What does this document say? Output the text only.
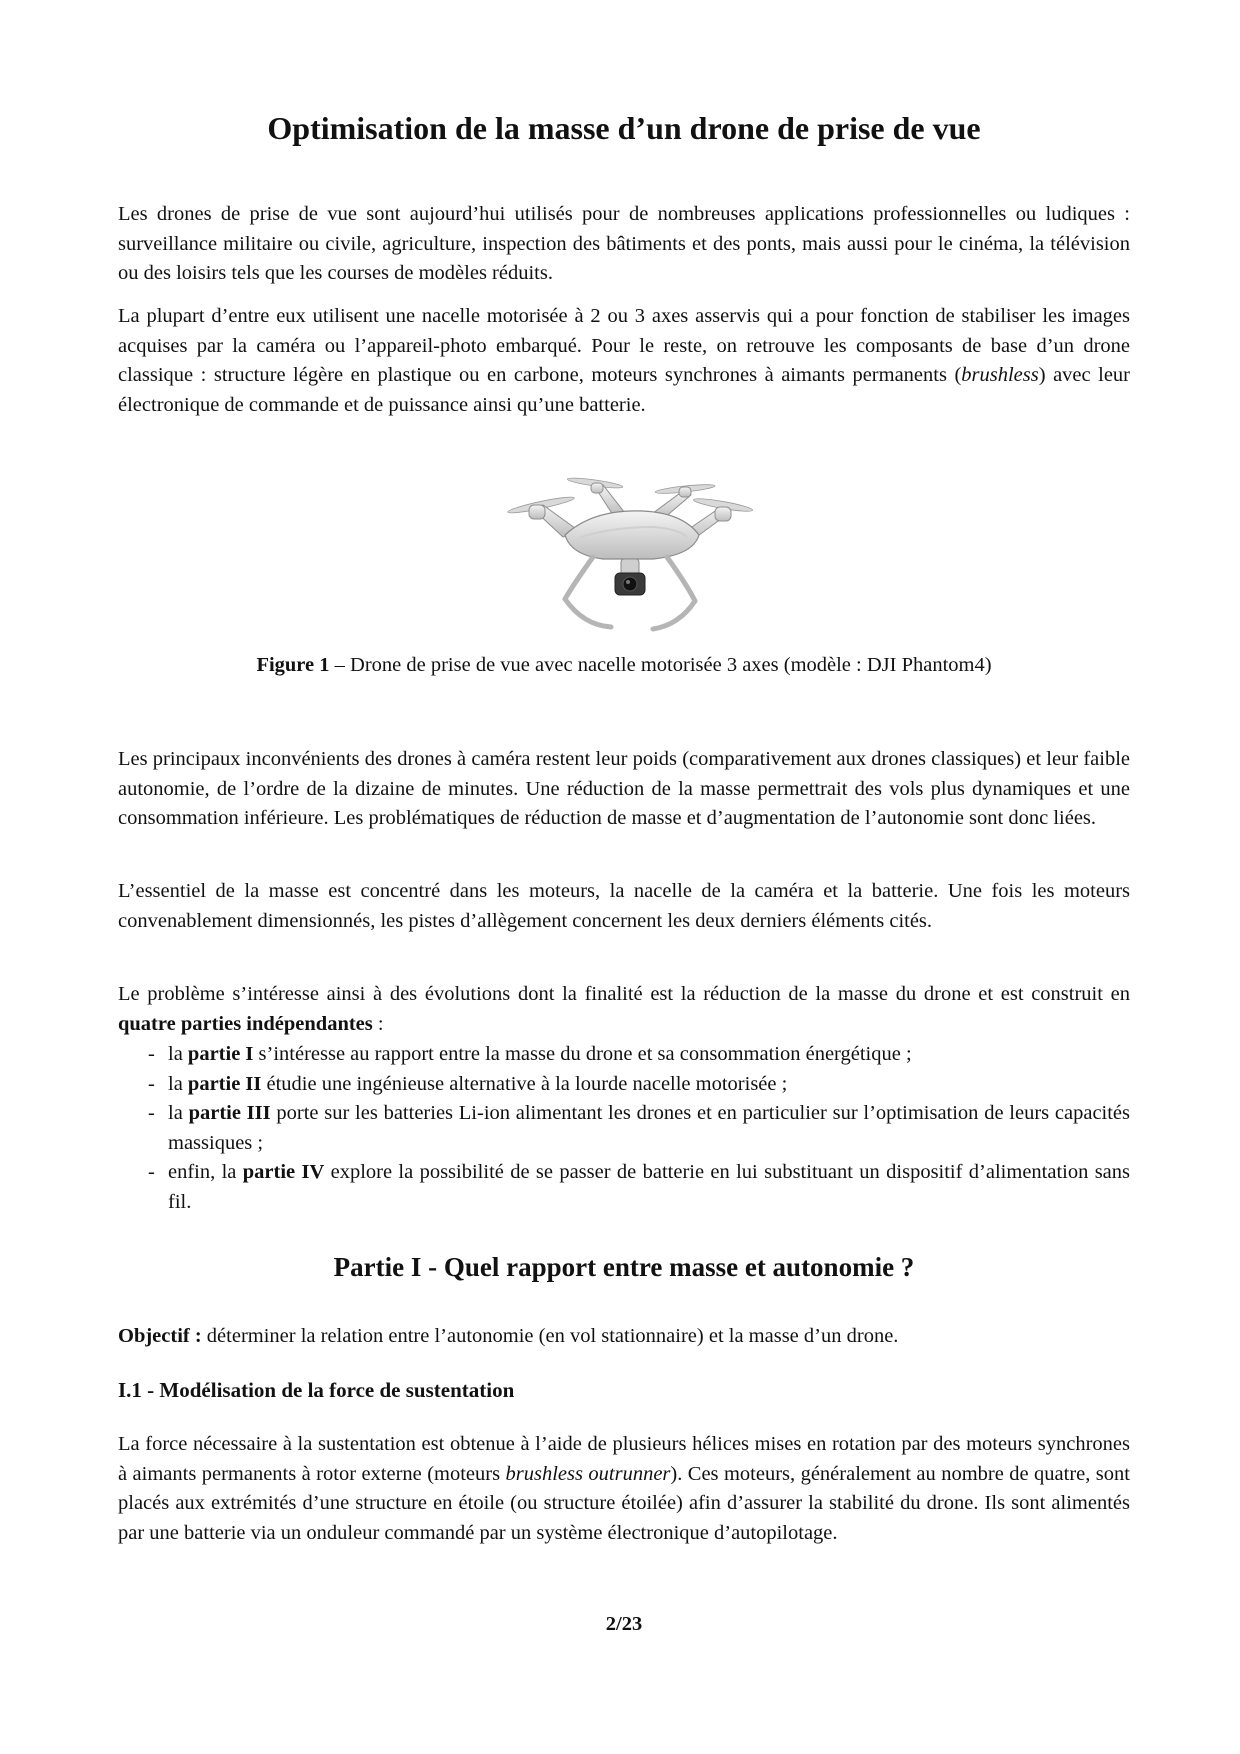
Optimisation de la masse d’un drone de prise de vue

Les drones de prise de vue sont aujourd’hui utilisés pour de nombreuses applications professionnelles ou ludiques : surveillance militaire ou civile, agriculture, inspection des bâtiments et des ponts, mais aussi pour le cinéma, la télévision ou des loisirs tels que les courses de modèles réduits.

La plupart d’entre eux utilisent une nacelle motorisée à 2 ou 3 axes asservis qui a pour fonction de stabiliser les images acquises par la caméra ou l’appareil-photo embarqué. Pour le reste, on retrouve les composants de base d’un drone classique : structure légère en plastique ou en carbone, moteurs synchrones à aimants permanents (brushless) avec leur électronique de commande et de puissance ainsi qu’une batterie.

Figure 1 – Drone de prise de vue avec nacelle motorisée 3 axes (modèle : DJI Phantom4)

Les principaux inconvénients des drones à caméra restent leur poids (comparativement aux drones classiques) et leur faible autonomie, de l’ordre de la dizaine de minutes. Une réduction de la masse permettrait des vols plus dynamiques et une consommation inférieure. Les problématiques de réduction de masse et d’augmentation de l’autonomie sont donc liées.

L’essentiel de la masse est concentré dans les moteurs, la nacelle de la caméra et la batterie. Une fois les moteurs convenablement dimensionnés, les pistes d’allègement concernent les deux derniers éléments cités.

Le problème s’intéresse ainsi à des évolutions dont la finalité est la réduction de la masse du drone et est construit en quatre parties indépendantes :

- la partie I s’intéresse au rapport entre la masse du drone et sa consommation énergétique ;
- la partie II étudie une ingénieuse alternative à la lourde nacelle motorisée ;
- la partie III porte sur les batteries Li-ion alimentant les drones et en particulier sur l’optimisation de leurs capacités massiques ;
- enfin, la partie IV explore la possibilité de se passer de batterie en lui substituant un dispositif d’alimentation sans fil.
Partie I - Quel rapport entre masse et autonomie ?

Objectif : déterminer la relation entre l’autonomie (en vol stationnaire) et la masse d’un drone.

I.1 - Modélisation de la force de sustentation

La force nécessaire à la sustentation est obtenue à l’aide de plusieurs hélices mises en rotation par des moteurs synchrones à aimants permanents à rotor externe (moteurs brushless outrunner). Ces moteurs, généralement au nombre de quatre, sont placés aux extrémités d’une structure en étoile (ou structure étoilée) afin d’assurer la stabilité du drone. Ils sont alimentés par une batterie via un onduleur commandé par un système électronique d’autopilotage.

2/23
